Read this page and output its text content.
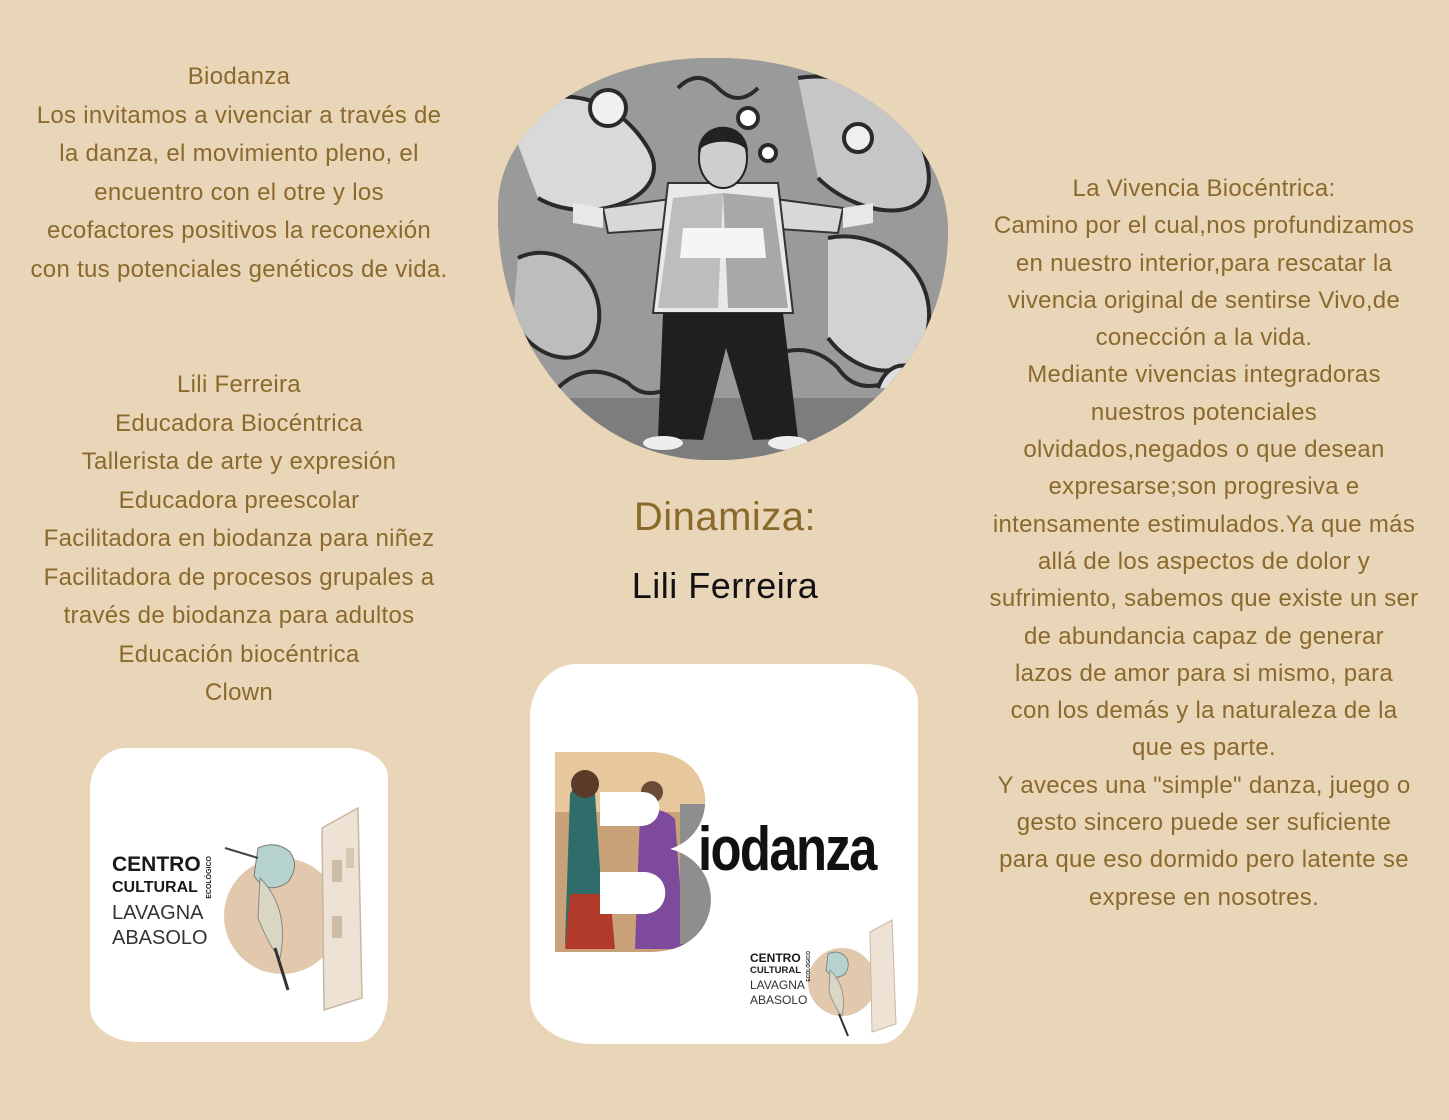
Biodanza
Los invitamos a vivenciar a través de
la danza, el movimiento pleno, el
encuentro con el otre y los
ecofactores positivos la reconexión
con tus potenciales genéticos de vida.
Lili Ferreira
Educadora Biocéntrica
Tallerista de arte y expresión
Educadora preescolar
Facilitadora en biodanza para niñez
Facilitadora de procesos grupales a
través de biodanza para adultos
Educación biocéntrica
Clown
Dinamiza:
Lili Ferreira
La Vivencia Biocéntrica:
Camino por el cual,nos profundizamos
en nuestro interior,para rescatar la
vivencia original de sentirse Vivo,de
conección a la vida.
Mediante vivencias integradoras
nuestros potenciales
olvidados,negados o que desean
expresarse;son progresiva e
intensamente estimulados.Ya que más
allá de los aspectos de dolor y
sufrimiento, sabemos que existe un ser
de abundancia capaz de generar
lazos de amor para si mismo, para
con los demás y la naturaleza de la
que es parte.
Y aveces una "simple" danza, juego o
gesto sincero puede ser suficiente
para que eso dormido pero latente se
exprese en nosotres.
CENTRO
CULTURAL
LAVAGNA
ABASOLO
ECOLÓGICO	iodanza
CENTRO
CULTURAL
LAVAGNA
ABASOLO
ECOLÓGICO
